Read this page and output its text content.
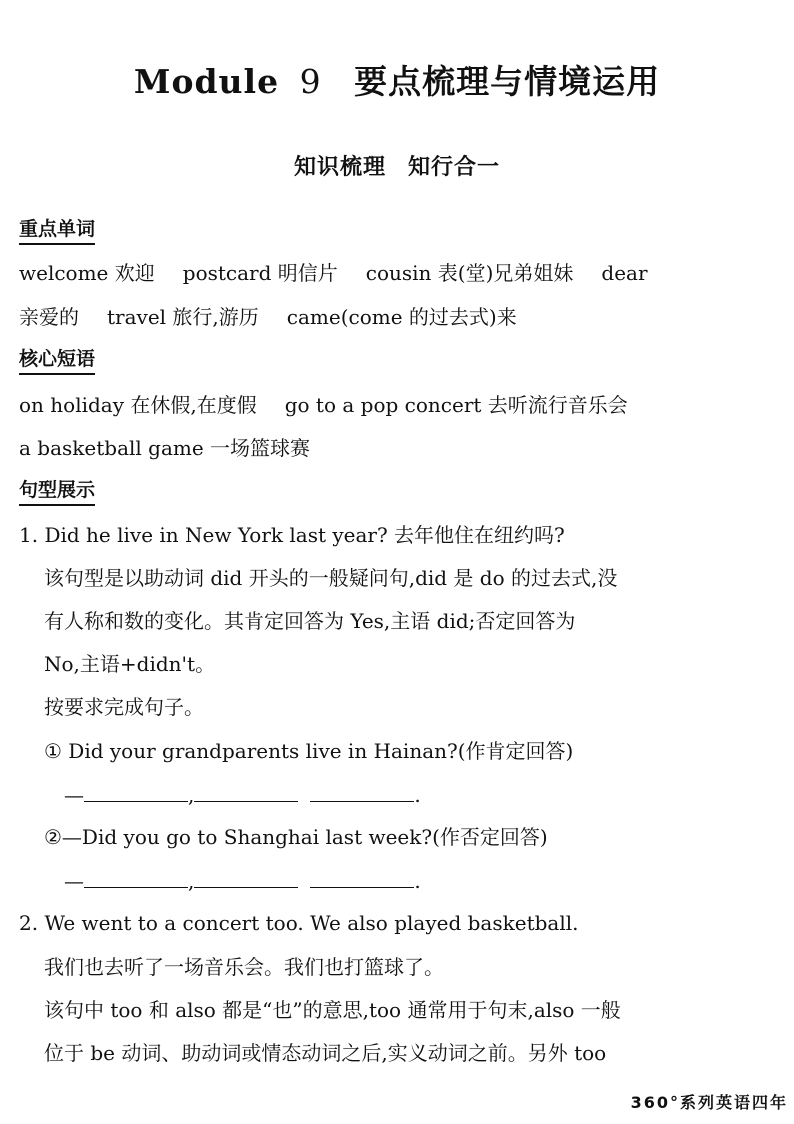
Module 9 要点梳理与情境运用
知识梳理 知行合一
重点单词
welcome 欢迎 postcard 明信片 cousin 表(堂)兄弟姐妹 dear
亲爱的 travel 旅行,游历 came(come 的过去式)来
核心短语
on holiday 在休假,在度假 go to a pop concert 去听流行音乐会
a basketball game 一场篮球赛
句型展示
1. Did he live in New York last year? 去年他住在纽约吗?
该句型是以助动词 did 开头的一般疑问句,did 是 do 的过去式,没
有人称和数的变化。其肯定回答为 Yes,主语 did;否定回答为
No,主语+didn't。
按要求完成句子。
① Did your grandparents live in Hainan?(作肯定回答)
—	,	.
②—Did you go to Shanghai last week?(作否定回答)
—	,	.
2. We went to a concert too. We also played basketball.
我们也去听了一场音乐会。我们也打篮球了。
该句中 too 和 also 都是“也”的意思,too 通常用于句末,also 一般
位于 be 动词、助动词或情态动词之后,实义动词之前。另外 too
360°系列英语四年
